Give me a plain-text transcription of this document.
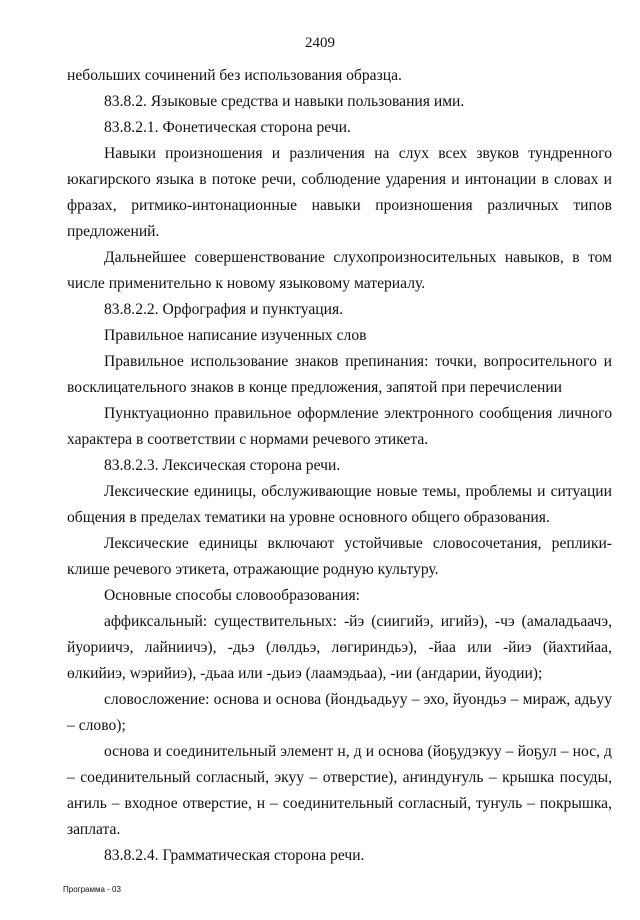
2409

небольших сочинений без использования образца.

83.8.2. Языковые средства и навыки пользования ими.

83.8.2.1. Фонетическая сторона речи.

Навыки произношения и различения на слух всех звуков тундренного юкагирского языка в потоке речи, соблюдение ударения и интонации в словах и фразах, ритмико-интонационные навыки произношения различных типов предложений.

Дальнейшее совершенствование слухопроизносительных навыков, в том числе применительно к новому языковому материалу.

83.8.2.2. Орфография и пунктуация.

Правильное написание изученных слов

Правильное использование знаков препинания: точки, вопросительного и восклицательного знаков в конце предложения, запятой при перечислении

Пунктуационно правильное оформление электронного сообщения личного характера в соответствии с нормами речевого этикета.

83.8.2.3. Лексическая сторона речи.

Лексические единицы, обслуживающие новые темы, проблемы и ситуации общения в пределах тематики на уровне основного общего образования.

Лексические единицы включают устойчивые словосочетания, реплики-клише речевого этикета, отражающие родную культуру.

Основные способы словообразования:

аффиксальный: существительных: -йэ (сиигийэ, игийэ), -чэ (амаладьаачэ, йуориичэ, лайниичэ), -дьэ (лөлдьэ, лөгириндьэ), -йаа или -йиэ (йахтийаа, өлкийиэ, wэрийиэ), -дьаа или -дьиэ (лаамэдьаа), -ии (аҥдарии, йуодии);

словосложение: основа и основа (йондьадьуу – эхо, йуондьэ – мираж, адьуу – слово);

основа и соединительный элемент н, д и основа (йоҕудэкуу – йоҕул – нос, д – соединительный согласный, экуу – отверстие), аҥиндуҥуль – крышка посуды, аҥиль – входное отверстие, н – соединительный согласный, туҥуль – покрышка, заплата.

83.8.2.4. Грамматическая сторона речи.

Программа - 03
